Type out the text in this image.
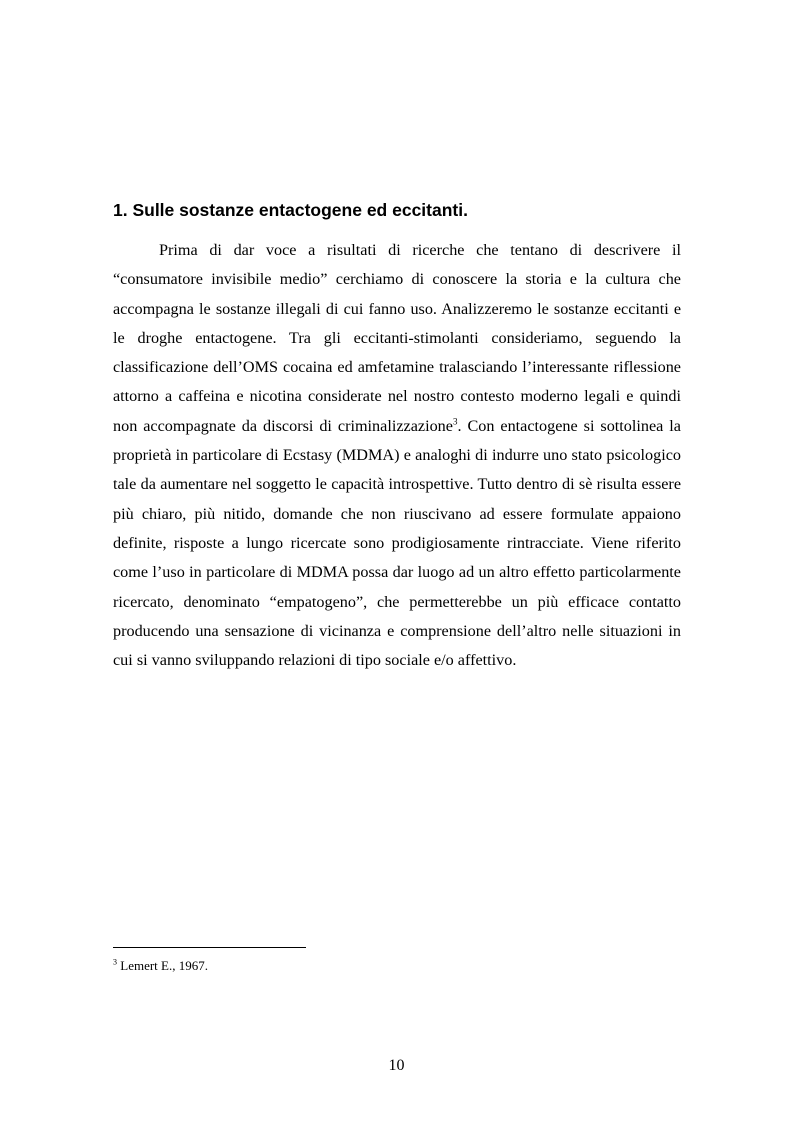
1. Sulle sostanze entactogene ed eccitanti.

Prima di dar voce a risultati di ricerche che tentano di descrivere il “consumatore invisibile medio” cerchiamo di conoscere la storia e la cultura che accompagna le sostanze illegali di cui fanno uso. Analizzeremo le sostanze eccitanti e le droghe entactogene. Tra gli eccitanti-stimolanti consideriamo, seguendo la classificazione dell’OMS cocaina ed amfetamine tralasciando l’interessante riflessione attorno a caffeina e nicotina considerate nel nostro contesto moderno legali e quindi non accompagnate da discorsi di criminalizzazione$^3$. Con entactogene si sottolinea la proprietà in particolare di Ecstasy (MDMA) e analoghi di indurre uno stato psicologico tale da aumentare nel soggetto le capacità introspettive. Tutto dentro di sè risulta essere più chiaro, più nitido, domande che non riuscivano ad essere formulate appaiono definite, risposte a lungo ricercate sono prodigiosamente rintracciate. Viene riferito come l’uso in particolare di MDMA possa dar luogo ad un altro effetto particolarmente ricercato, denominato “empatogeno”, che permetterebbe un più efficace contatto producendo una sensazione di vicinanza e comprensione dell’altro nelle situazioni in cui si vanno sviluppando relazioni di tipo sociale e/o affettivo.

$^3$ Lemert E., 1967.
10
